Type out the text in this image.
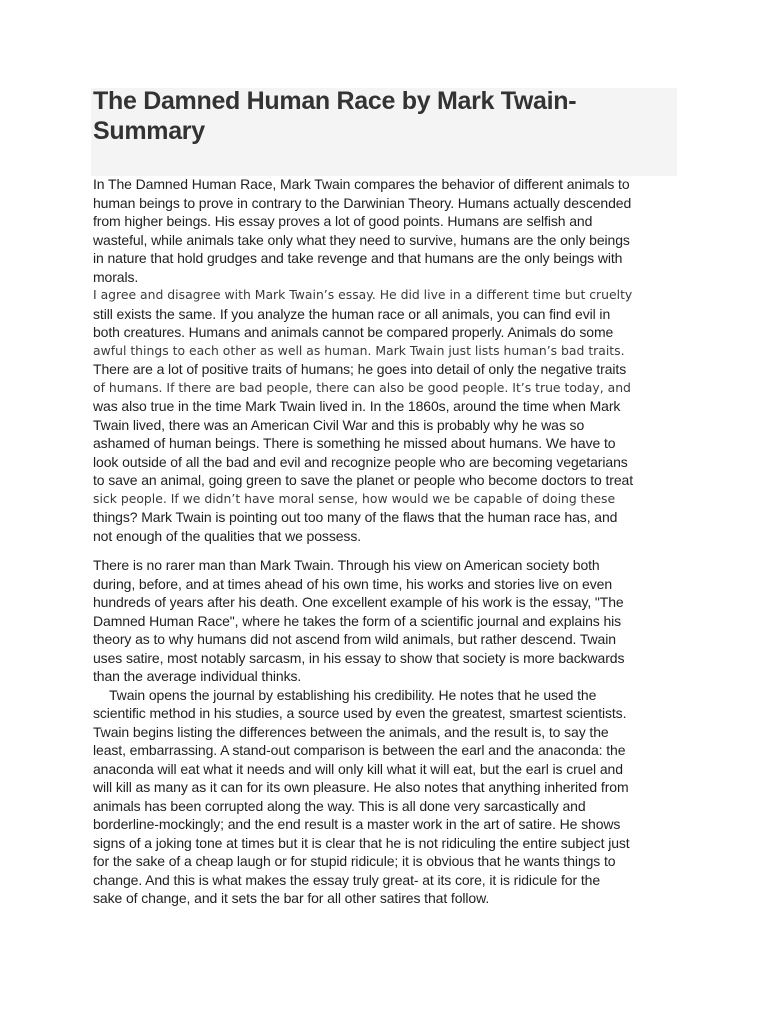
The Damned Human Race by Mark Twain-Summary
In The Damned Human Race, Mark Twain compares the behavior of different animals to
human beings to prove in contrary to the Darwinian Theory. Humans actually descended
from higher beings. His essay proves a lot of good points. Humans are selfish and
wasteful, while animals take only what they need to survive, humans are the only beings
in nature that hold grudges and take revenge and that humans are the only beings with
morals.
I agree and disagree with Mark Twain’s essay. He did live in a different time but cruelty
still exists the same. If you analyze the human race or all animals, you can find evil in
both creatures. Humans and animals cannot be compared properly. Animals do some
awful things to each other as well as human. Mark Twain just lists human’s bad traits.
There are a lot of positive traits of humans; he goes into detail of only the negative traits
of humans. If there are bad people, there can also be good people. It’s true today, and
was also true in the time Mark Twain lived in. In the 1860s, around the time when Mark
Twain lived, there was an American Civil War and this is probably why he was so
ashamed of human beings. There is something he missed about humans. We have to
look outside of all the bad and evil and recognize people who are becoming vegetarians
to save an animal, going green to save the planet or people who become doctors to treat
sick people. If we didn’t have moral sense, how would we be capable of doing these
things? Mark Twain is pointing out too many of the flaws that the human race has, and
not enough of the qualities that we possess.
There is no rarer man than Mark Twain. Through his view on American society both
during, before, and at times ahead of his own time, his works and stories live on even
hundreds of years after his death. One excellent example of his work is the essay, "The
Damned Human Race", where he takes the form of a scientific journal and explains his
theory as to why humans did not ascend from wild animals, but rather descend. Twain
uses satire, most notably sarcasm, in his essay to show that society is more backwards
than the average individual thinks.
Twain opens the journal by establishing his credibility. He notes that he used the
scientific method in his studies, a source used by even the greatest, smartest scientists.
Twain begins listing the differences between the animals, and the result is, to say the
least, embarrassing. A stand-out comparison is between the earl and the anaconda: the
anaconda will eat what it needs and will only kill what it will eat, but the earl is cruel and
will kill as many as it can for its own pleasure. He also notes that anything inherited from
animals has been corrupted along the way. This is all done very sarcastically and
borderline-mockingly; and the end result is a master work in the art of satire. He shows
signs of a joking tone at times but it is clear that he is not ridiculing the entire subject just
for the sake of a cheap laugh or for stupid ridicule; it is obvious that he wants things to
change. And this is what makes the essay truly great- at its core, it is ridicule for the
sake of change, and it sets the bar for all other satires that follow.
